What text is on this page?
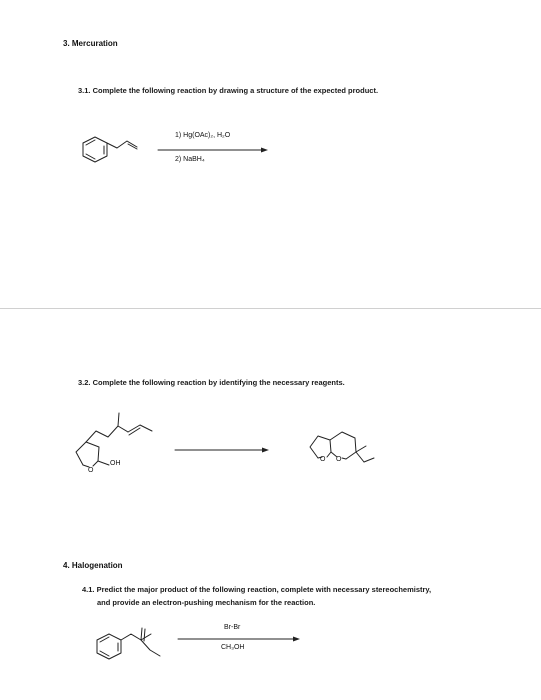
3. Mercuration
3.1. Complete the following reaction by drawing a structure of the expected product.
1) Hg(OAc)₂, H₂O
2) NaBH₄
3.2. Complete the following reaction by identifying the necessary reagents.
O
OH
O O
4. Halogenation
4.1. Predict the major product of the following reaction, complete with necessary stereochemistry,
and provide an electron-pushing mechanism for the reaction.
Br-Br
CH₃OH
